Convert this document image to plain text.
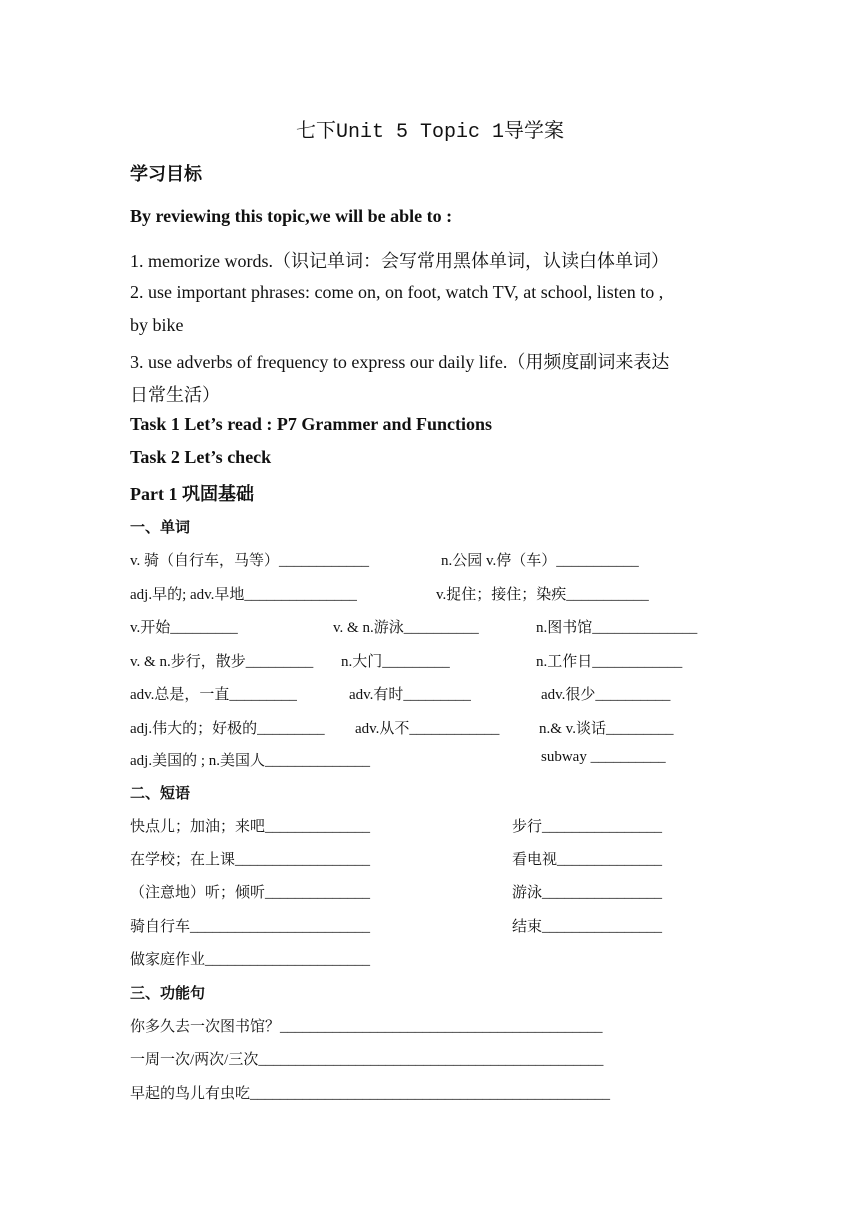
七下Unit 5 Topic 1导学案
学习目标
By reviewing this topic,we will be able to :
1. memorize words.（识记单词：会写常用黑体单词，认读白体单词）
2. use important phrases: come on, on foot, watch TV, at school, listen to ,
by bike
3. use adverbs of frequency to express our daily life.（用频度副词来表达
日常生活）
Task 1 Let’s read : P7 Grammer and Functions
Task 2 Let’s check
Part 1 巩固基础
一、单词
v. 骑（自行车，马等）____________	n.公园 v.停（车）___________
adj.早的; adv.早地_______________	v.捉住；接住；染疾___________
v.开始_________	v. & n.游泳__________	n.图书馆______________
v. & n.步行，散步_________ n.大门_________	n.工作日____________
adv.总是，一直_________	adv.有时_________	adv.很少__________
adj.伟大的；好极的_________ adv.从不____________	n.& v.谈话_________
adj.美国的 ; n.美国人______________	subway __________
二、短语
快点儿；加油；来吧______________	步行________________
在学校；在上课__________________	看电视______________
（注意地）听；倾听______________	游泳________________
骑自行车________________________	结束________________
做家庭作业______________________
三、功能句
你多久去一次图书馆？___________________________________________
一周一次/两次/三次______________________________________________
早起的鸟儿有虫吃________________________________________________
